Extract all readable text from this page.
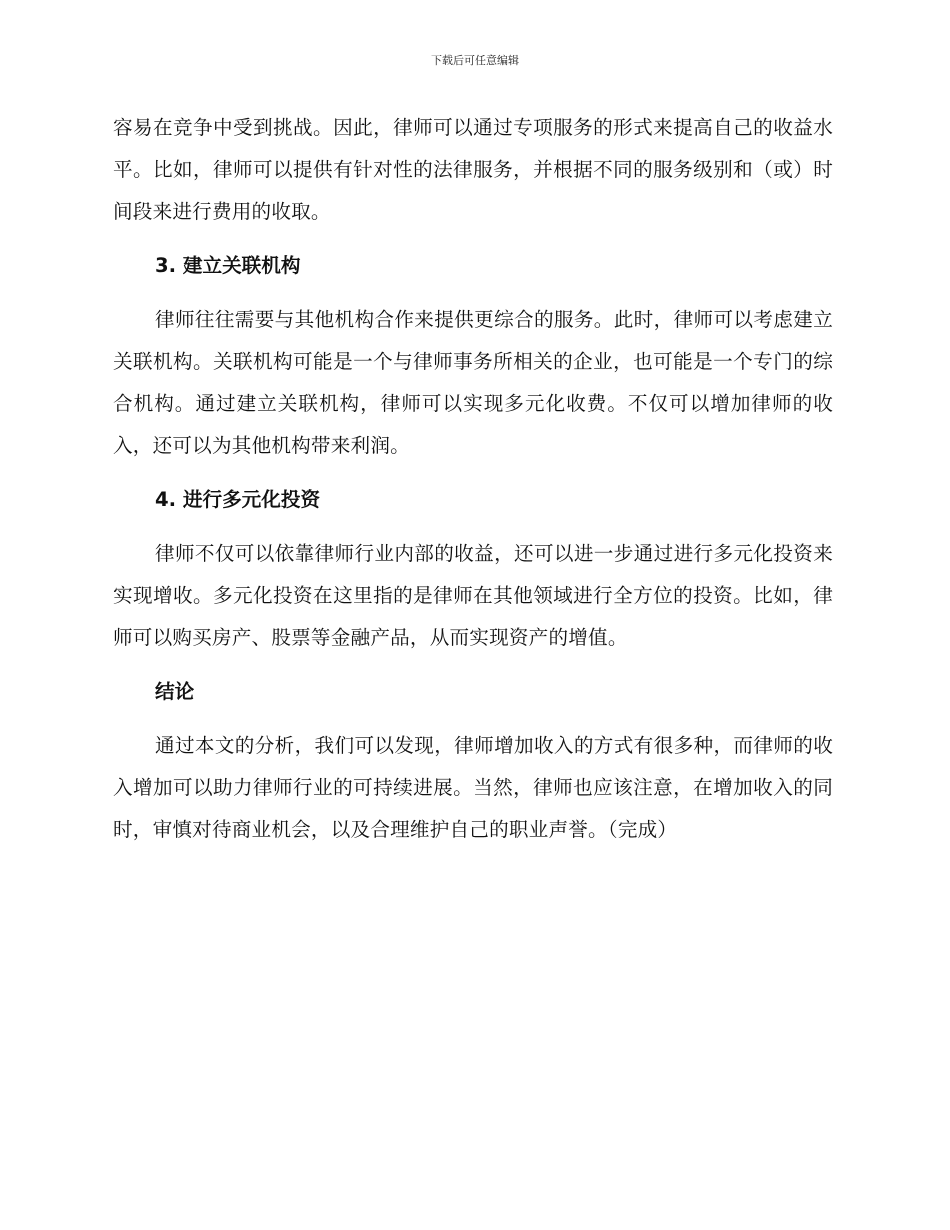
下载后可任意编辑

容易在竞争中受到挑战。因此，律师可以通过专项服务的形式来提高自己的收益水平。比如，律师可以提供有针对性的法律服务，并根据不同的服务级别和（或）时间段来进行费用的收取。

3. 建立关联机构

律师往往需要与其他机构合作来提供更综合的服务。此时，律师可以考虑建立关联机构。关联机构可能是一个与律师事务所相关的企业，也可能是一个专门的综合机构。通过建立关联机构，律师可以实现多元化收费。不仅可以增加律师的收入，还可以为其他机构带来利润。

4. 进行多元化投资

律师不仅可以依靠律师行业内部的收益，还可以进一步通过进行多元化投资来实现增收。多元化投资在这里指的是律师在其他领域进行全方位的投资。比如，律师可以购买房产、股票等金融产品，从而实现资产的增值。

结论

通过本文的分析，我们可以发现，律师增加收入的方式有很多种，而律师的收入增加可以助力律师行业的可持续进展。当然，律师也应该注意，在增加收入的同时，审慎对待商业机会，以及合理维护自己的职业声誉。（完成）
